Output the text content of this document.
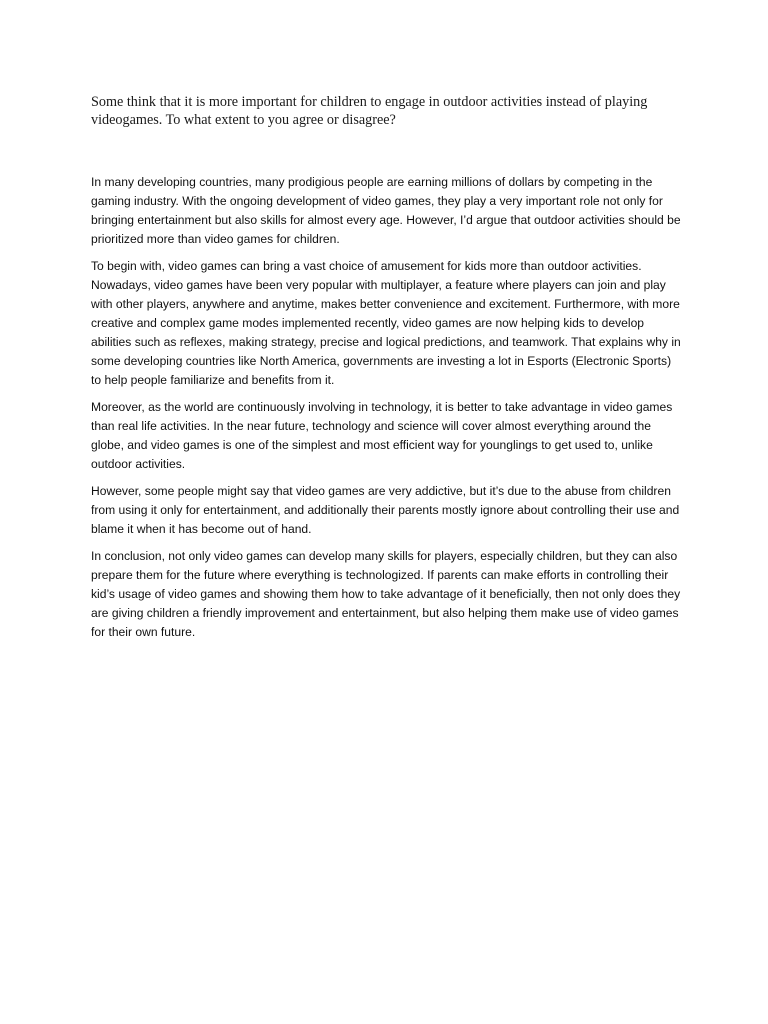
Some think that it is more important for children to engage in outdoor activities instead of playing videogames. To what extent to you agree or disagree?

In many developing countries, many prodigious people are earning millions of dollars by competing in the gaming industry. With the ongoing development of video games, they play a very important role not only for bringing entertainment but also skills for almost every age. However, I’d argue that outdoor activities should be prioritized more than video games for children.

To begin with, video games can bring a vast choice of amusement for kids more than outdoor activities. Nowadays, video games have been very popular with multiplayer, a feature where players can join and play with other players, anywhere and anytime, makes better convenience and excitement. Furthermore, with more creative and complex game modes implemented recently, video games are now helping kids to develop abilities such as reflexes, making strategy, precise and logical predictions, and teamwork. That explains why in some developing countries like North America, governments are investing a lot in Esports (Electronic Sports) to help people familiarize and benefits from it.

Moreover, as the world are continuously involving in technology, it is better to take advantage in video games than real life activities. In the near future, technology and science will cover almost everything around the globe, and video games is one of the simplest and most efficient way for younglings to get used to, unlike outdoor activities.

However, some people might say that video games are very addictive, but it’s due to the abuse from children from using it only for entertainment, and additionally their parents mostly ignore about controlling their use and blame it when it has become out of hand.

In conclusion, not only video games can develop many skills for players, especially children, but they can also prepare them for the future where everything is technologized. If parents can make efforts in controlling their kid’s usage of video games and showing them how to take advantage of it beneficially, then not only does they are giving children a friendly improvement and entertainment, but also helping them make use of video games for their own future.
